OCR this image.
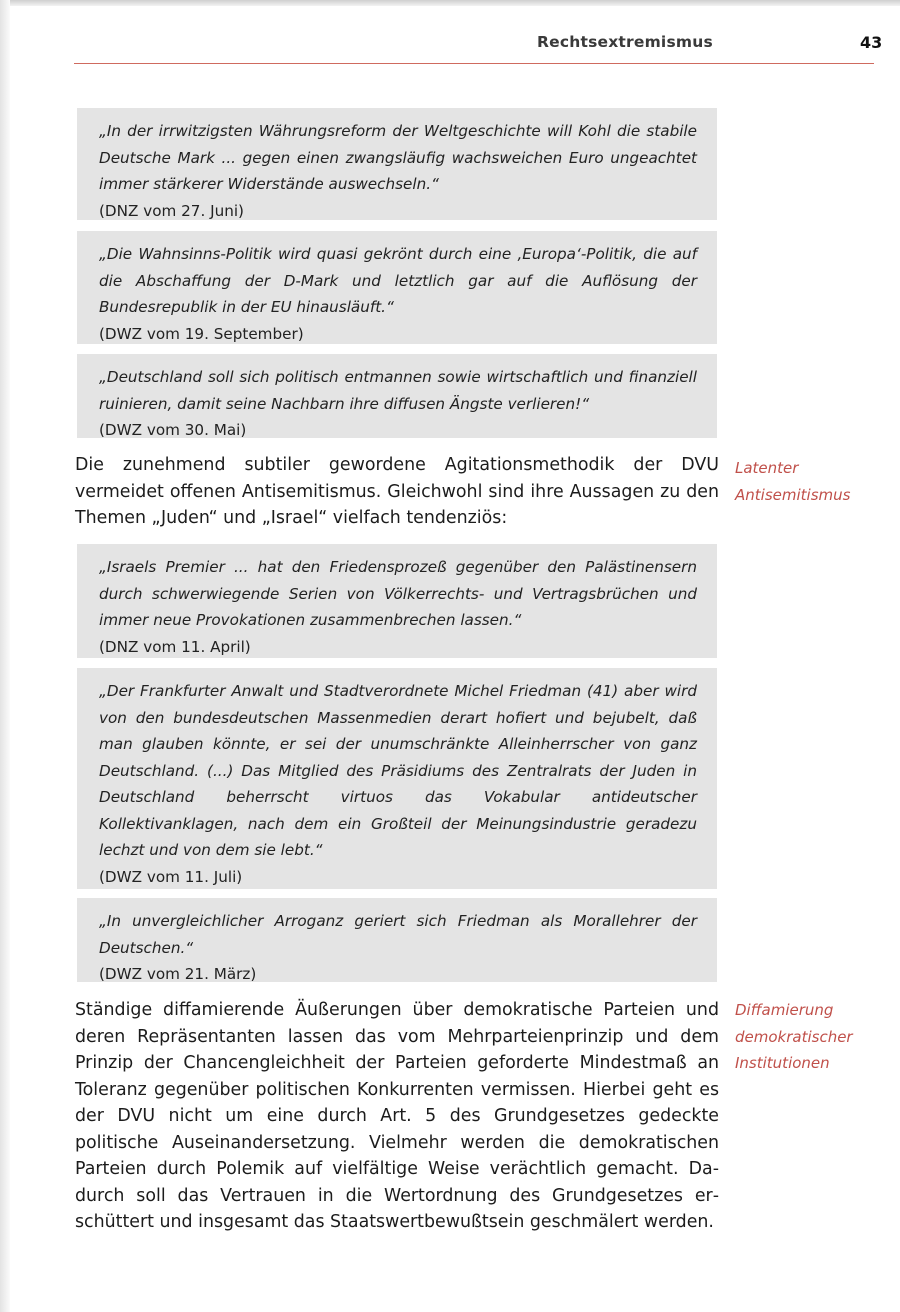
Rechtsextremismus	43

„In der irrwitzigsten Währungsreform der Weltgeschichte will Kohl die stabile Deutsche Mark ... gegen einen zwangsläufig wachsweichen Euro ungeachtet immer stärkerer Widerstände auswechseln.“

(DNZ vom 27. Juni)

„Die Wahnsinns-Politik wird quasi gekrönt durch eine ‚Europa‘-Politik, die auf die Abschaffung der D-Mark und letztlich gar auf die Auflösung der Bundesrepublik in der EU hinausläuft.“

(DWZ vom 19. September)

„Deutschland soll sich politisch entmannen sowie wirtschaftlich und finanziell ruinieren, damit seine Nachbarn ihre diffusen Ängste verlieren!“

(DWZ vom 30. Mai)

Die zunehmend subtiler gewordene Agitationsmethodik der DVU vermeidet offenen Antisemitismus. Gleichwohl sind ihre Aussagen zu den Themen „Juden“ und „Israel“ vielfach tendenziös:

Latenter
Antisemitismus

„Israels Premier ... hat den Friedensprozeß gegenüber den Palästinensern durch schwerwiegende Serien von Völkerrechts- und Vertragsbrüchen und immer neue Provokationen zusammenbrechen lassen.“

(DNZ vom 11. April)

„Der Frankfurter Anwalt und Stadtverordnete Michel Friedman (41) aber wird von den bundesdeutschen Massenmedien derart hofiert und bejubelt, daß man glauben könnte, er sei der unumschränkte Alleinherrscher von ganz Deutschland. (...) Das Mitglied des Präsidiums des Zentralrats der Juden in Deutschland beherrscht virtuos das Vokabular antideutscher Kollektivanklagen, nach dem ein Großteil der Meinungsindustrie geradezu lechzt und von dem sie lebt.“

(DWZ vom 11. Juli)

„In unvergleichlicher Arroganz geriert sich Friedman als Morallehrer der Deutschen.“

(DWZ vom 21. März)

Ständige diffamierende Äußerungen über demokratische Parteien und deren Repräsentanten lassen das vom Mehrparteienprinzip und dem Prinzip der Chancengleichheit der Parteien geforderte Mindestmaß an Toleranz gegenüber politischen Konkurrenten vermissen. Hierbei geht es der DVU nicht um eine durch Art. 5 des Grundgesetzes gedeckte politische Auseinandersetzung. Vielmehr werden die demokratischen Parteien durch Polemik auf vielfältige Weise verächtlich gemacht. Dadurch soll das Vertrauen in die Wertordnung des Grundgesetzes erschüttert und insgesamt das Staatswertbewußtsein geschmälert werden.

Diffamierung
demokratischer
Institutionen
